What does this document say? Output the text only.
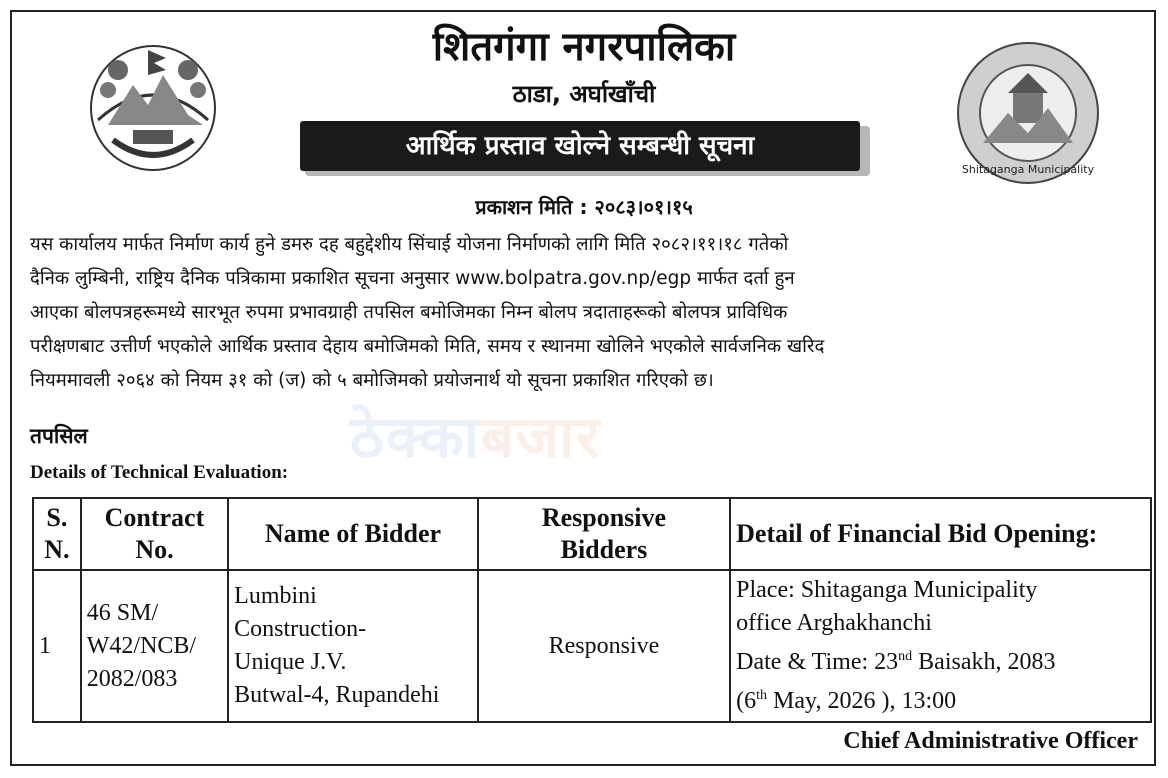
Shitaganga Municipality
शितगंगा नगरपालिका
ठाडा, अर्घाखाँची
आर्थिक प्रस्ताव खोल्ने सम्बन्धी सूचना
प्रकाशन मिति : २०८३।०१।१५
ठेक्काबजार
यस कार्यालय मार्फत निर्माण कार्य हुने डमरु दह बहुद्देशीय सिंचाई योजना निर्माणको लागि मिति २०८२।११।१८ गतेको
दैनिक लुम्बिनी, राष्ट्रिय दैनिक पत्रिकामा प्रकाशित सूचना अनुसार www.bolpatra.gov.np/egp मार्फत दर्ता हुन
आएका बोलपत्रहरूमध्ये सारभूत रुपमा प्रभावग्राही तपसिल बमोजिमका निम्न बोलप त्रदाताहरूको बोलपत्र प्राविधिक
परीक्षणबाट उत्तीर्ण भएकोले आर्थिक प्रस्ताव देहाय बमोजिमको मिति, समय र स्थानमा खोलिने भएकोले सार्वजनिक खरिद
नियममावली २०६४ को नियम ३१ को (ज) को ५ बमोजिमको प्रयोजनार्थ यो सूचना प्रकाशित गरिएको छ।
तपसिल
Details of Technical Evaluation:
S.
N.	Contract
No.	Name of Bidder	Responsive
Bidders	Detail of Financial Bid Opening:
1	46 SM/
W42/NCB/
2082/083	Lumbini
Construction-
Unique J.V.
Butwal-4, Rupandehi	Responsive	Place: Shitaganga Municipality
office Arghakhanchi
Date & Time: 23nd Baisakh, 2083
(6th May, 2026 ), 13:00
Chief Administrative Officer
